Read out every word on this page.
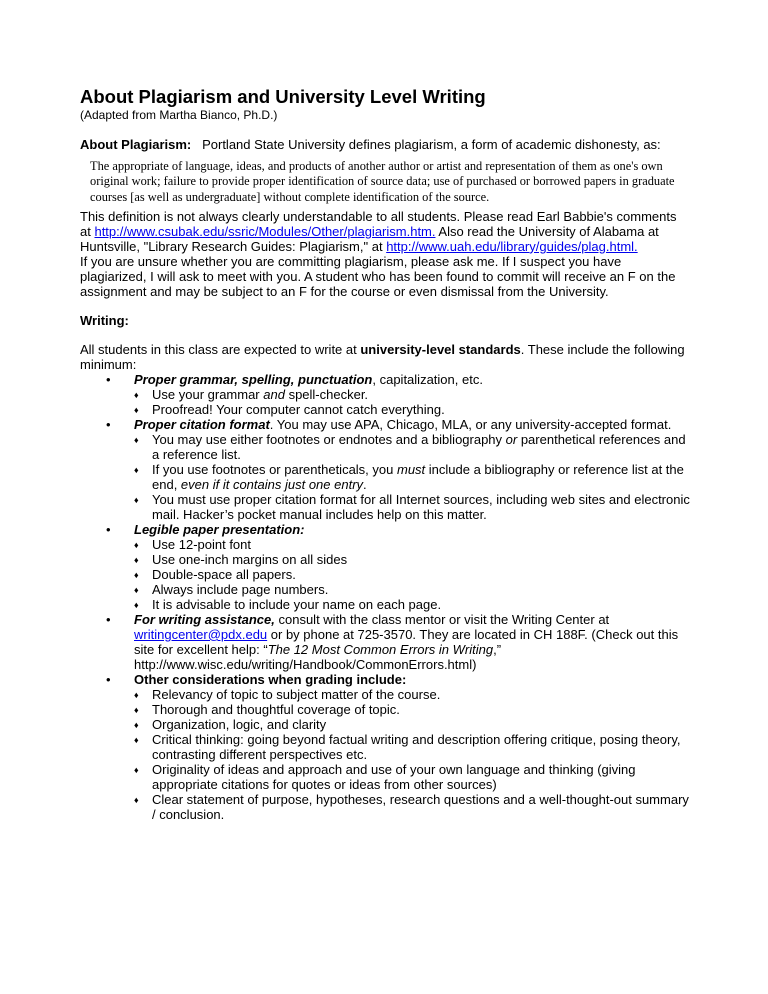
About Plagiarism and University Level Writing

(Adapted from Martha Bianco, Ph.D.)

About Plagiarism: Portland State University defines plagiarism, a form of academic dishonesty, as:

The appropriate of language, ideas, and products of another author or artist and representation of them as one's own original work; failure to provide proper identification of source data; use of purchased or borrowed papers in graduate courses [as well as undergraduate] without complete identification of the source.

This definition is not always clearly understandable to all students. Please read Earl Babbie's comments at http://www.csubak.edu/ssric/Modules/Other/plagiarism.htm. Also read the University of Alabama at Huntsville, "Library Research Guides: Plagiarism," at http://www.uah.edu/library/guides/plag.html.

If you are unsure whether you are committing plagiarism, please ask me. If I suspect you have plagiarized, I will ask to meet with you. A student who has been found to commit will receive an F on the assignment and may be subject to an F for the course or even dismissal from the University.

Writing:

All students in this class are expected to write at university-level standards. These include the following minimum:

• Proper grammar, spelling, punctuation, capitalization, etc.
♦ Use your grammar and spell-checker.
♦ Proofread! Your computer cannot catch everything.
• Proper citation format. You may use APA, Chicago, MLA, or any university-accepted format.
♦ You may use either footnotes or endnotes and a bibliography or parenthetical references and a reference list.
♦ If you use footnotes or parentheticals, you must include a bibliography or reference list at the end, even if it contains just one entry.
♦ You must use proper citation format for all Internet sources, including web sites and electronic mail. Hacker’s pocket manual includes help on this matter.
• Legible paper presentation:
♦ Use 12-point font
♦ Use one-inch margins on all sides
♦ Double-space all papers.
♦ Always include page numbers.
♦ It is advisable to include your name on each page.
• For writing assistance, consult with the class mentor or visit the Writing Center at writingcenter@pdx.edu or by phone at 725-3570. They are located in CH 188F. (Check out this site for excellent help: “The 12 Most Common Errors in Writing,” http://www.wisc.edu/writing/Handbook/CommonErrors.html)
• Other considerations when grading include:
♦ Relevancy of topic to subject matter of the course.
♦ Thorough and thoughtful coverage of topic.
♦ Organization, logic, and clarity
♦ Critical thinking: going beyond factual writing and description offering critique, posing theory, contrasting different perspectives etc.
♦ Originality of ideas and approach and use of your own language and thinking (giving appropriate citations for quotes or ideas from other sources)
♦ Clear statement of purpose, hypotheses, research questions and a well-thought-out summary / conclusion.
